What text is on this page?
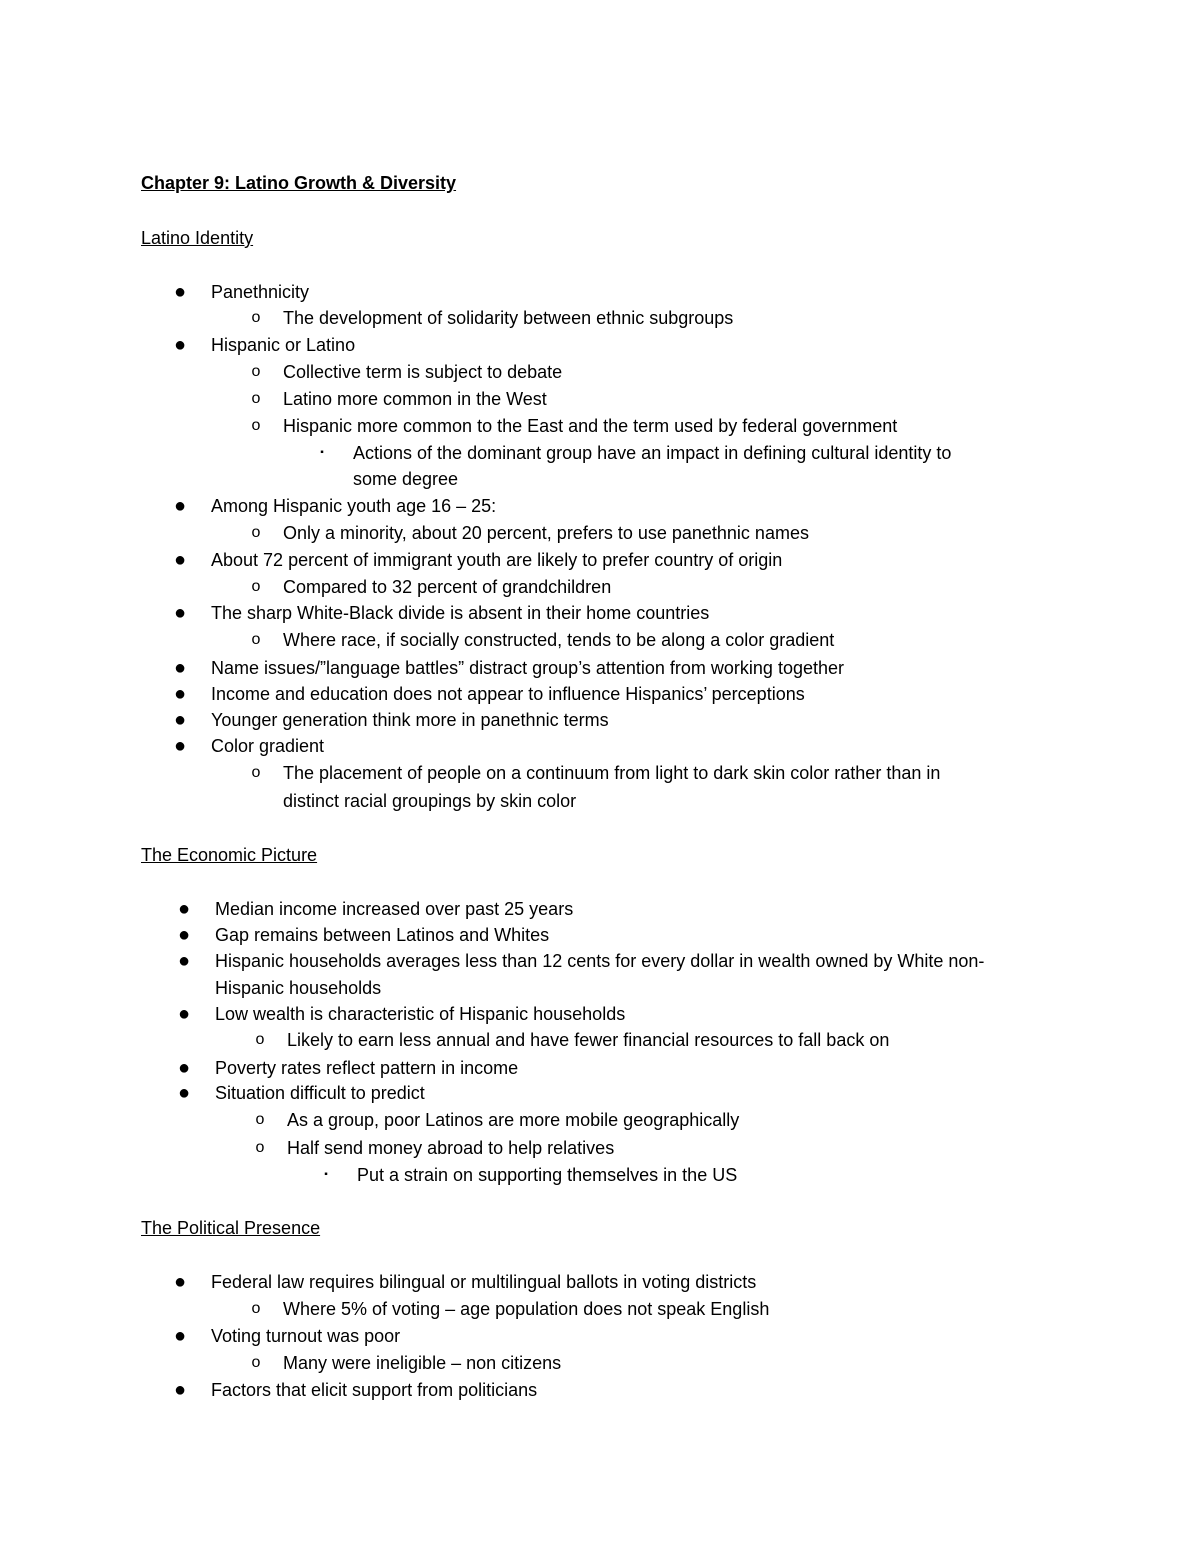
Chapter 9: Latino Growth & Diversity
Latino Identity
● Panethnicity
o	The development of solidarity between ethnic subgroups
● Hispanic or Latino
o	Collective term is subject to debate
o	Latino more common in the West
o	Hispanic more common to the East and the term used by federal government
▪	Actions of the dominant group have an impact in defining cultural identity to
some degree
● Among Hispanic youth age 16 – 25:
o	Only a minority, about 20 percent, prefers to use panethnic names
● About 72 percent of immigrant youth are likely to prefer country of origin
o	Compared to 32 percent of grandchildren
● The sharp White-Black divide is absent in their home countries
o	Where race, if socially constructed, tends to be along a color gradient
● Name issues/”language battles” distract group’s attention from working together
● Income and education does not appear to influence Hispanics’ perceptions
● Younger generation think more in panethnic terms
● Color gradient
o	The placement of people on a continuum from light to dark skin color rather than in
distinct racial groupings by skin color
The Economic Picture
● Median income increased over past 25 years
● Gap remains between Latinos and Whites
● Hispanic households averages less than 12 cents for every dollar in wealth owned by White non-
Hispanic households
● Low wealth is characteristic of Hispanic households
o	Likely to earn less annual and have fewer financial resources to fall back on
● Poverty rates reflect pattern in income
● Situation difficult to predict
o	As a group, poor Latinos are more mobile geographically
o	Half send money abroad to help relatives
▪	Put a strain on supporting themselves in the US
The Political Presence
● Federal law requires bilingual or multilingual ballots in voting districts
o	Where 5% of voting – age population does not speak English
● Voting turnout was poor
o	Many were ineligible – non citizens
● Factors that elicit support from politicians
